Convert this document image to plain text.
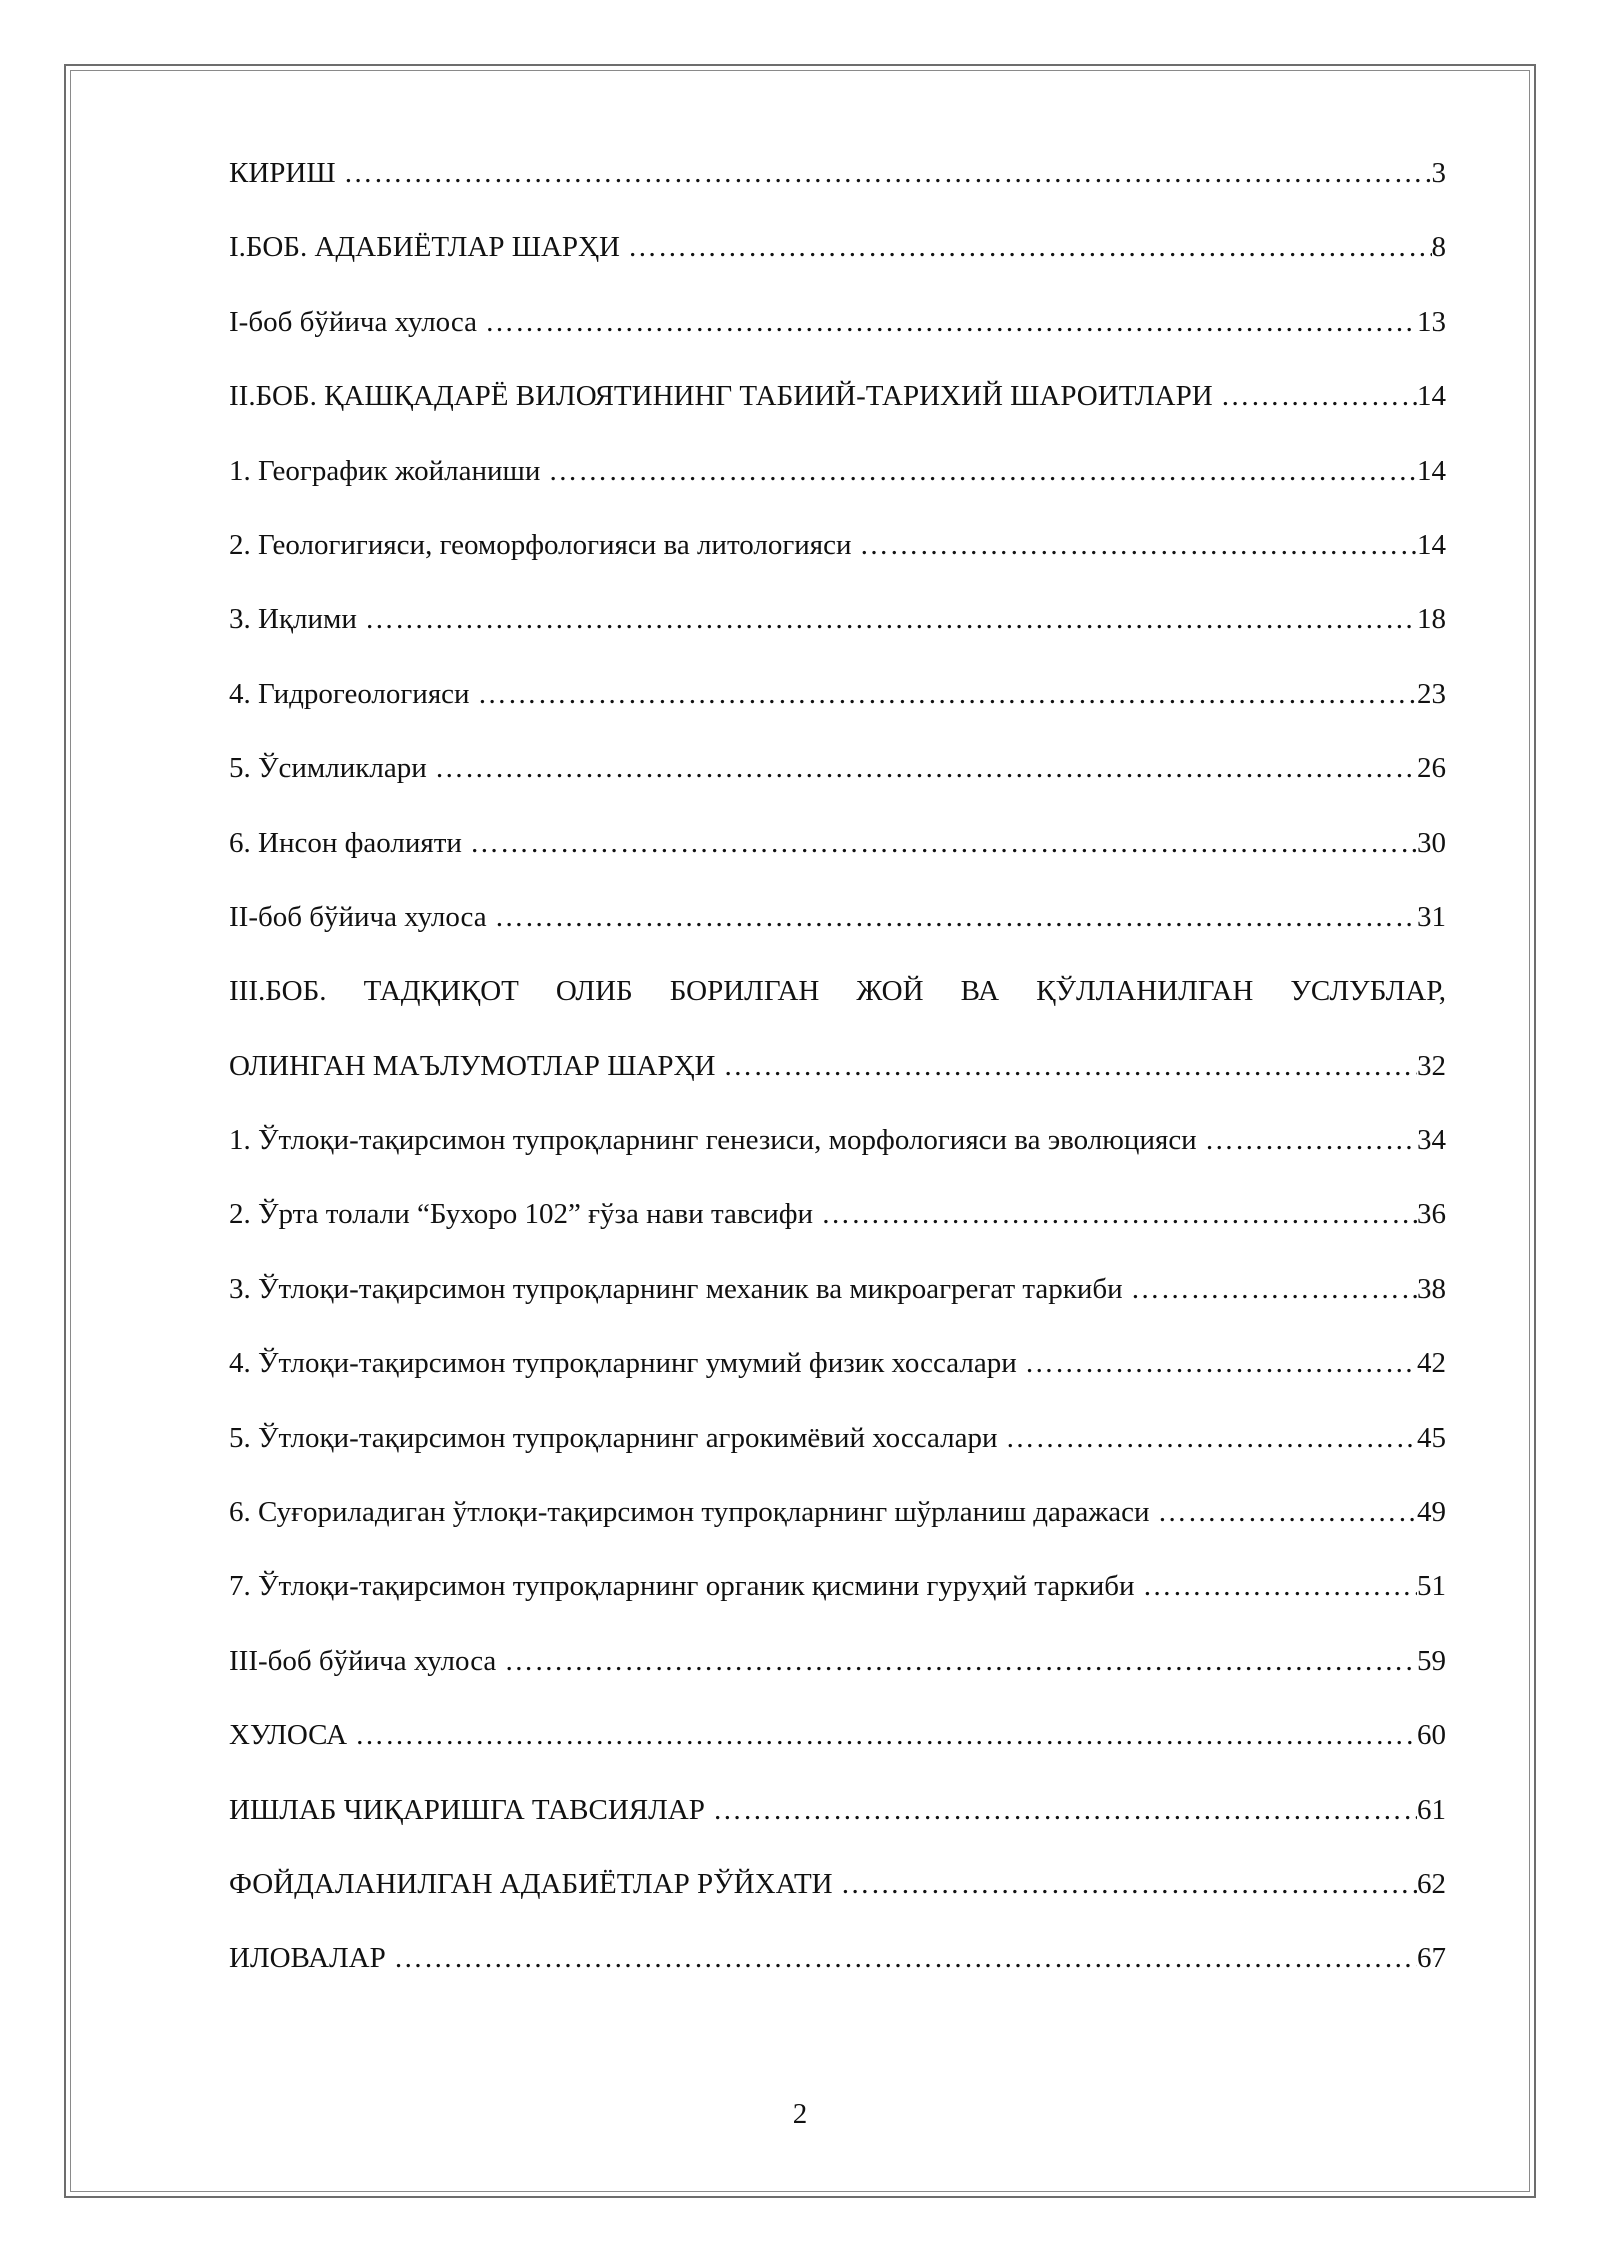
КИРИШ …………………………………………………………………………………………………………………………………………………………………………………………………………………………	3
I.БОБ. АДАБИЁТЛАР ШАРҲИ …………………………………………………………………………………………………………………………………………………………………………………………………………………………	8
I-боб бўйича хулоса …………………………………………………………………………………………………………………………………………………………………………………………………………………………	13
II.БОБ. ҚАШҚАДАРЁ ВИЛОЯТИНИНГ ТАБИИЙ-ТАРИХИЙ ШАРОИТЛАРИ …………………………………………………………………………………………………………………………………………………………………………………………………………………………	14
1. Географик жойланиши …………………………………………………………………………………………………………………………………………………………………………………………………………………………	14
2. Геологигияси, геоморфологияси ва литологияси …………………………………………………………………………………………………………………………………………………………………………………………………………………………	14
3. Иқлими …………………………………………………………………………………………………………………………………………………………………………………………………………………………	18
4. Гидрогеологияси …………………………………………………………………………………………………………………………………………………………………………………………………………………………	23
5. Ўсимликлари …………………………………………………………………………………………………………………………………………………………………………………………………………………………	26
6. Инсон фаолияти …………………………………………………………………………………………………………………………………………………………………………………………………………………………	30
II-боб бўйича хулоса …………………………………………………………………………………………………………………………………………………………………………………………………………………………	31
III.БОБ. ТАДҚИҚОТ ОЛИБ БОРИЛГАН ЖОЙ ВА ҚЎЛЛАНИЛГАН УСЛУБЛАР,
ОЛИНГАН МАЪЛУМОТЛАР ШАРҲИ …………………………………………………………………………………………………………………………………………………………………………………………………………………………	32
1. Ўтлоқи-тақирсимон тупроқларнинг генезиси, морфологияси ва эволюцияси …………………………………………………………………………………………………………………………………………………………………………………………………………………………	34
2. Ўрта толали “Бухоро 102” ғўза нави тавсифи …………………………………………………………………………………………………………………………………………………………………………………………………………………………	36
3. Ўтлоқи-тақирсимон тупроқларнинг механик ва микроагрегат таркиби …………………………………………………………………………………………………………………………………………………………………………………………………………………………	38
4. Ўтлоқи-тақирсимон тупроқларнинг умумий физик хоссалари …………………………………………………………………………………………………………………………………………………………………………………………………………………………	42
5. Ўтлоқи-тақирсимон тупроқларнинг агрокимёвий хоссалари …………………………………………………………………………………………………………………………………………………………………………………………………………………………	45
6. Суғориладиган ўтлоқи-тақирсимон тупроқларнинг шўрланиш даражаси …………………………………………………………………………………………………………………………………………………………………………………………………………………………	49
7. Ўтлоқи-тақирсимон тупроқларнинг органик қисмини гуруҳий таркиби …………………………………………………………………………………………………………………………………………………………………………………………………………………………	51
III-боб бўйича хулоса …………………………………………………………………………………………………………………………………………………………………………………………………………………………	59
ХУЛОСА …………………………………………………………………………………………………………………………………………………………………………………………………………………………	60
ИШЛАБ ЧИҚАРИШГА ТАВСИЯЛАР …………………………………………………………………………………………………………………………………………………………………………………………………………………………	61
ФОЙДАЛАНИЛГАН АДАБИЁТЛАР РЎЙХАТИ …………………………………………………………………………………………………………………………………………………………………………………………………………………………	62
ИЛОВАЛАР …………………………………………………………………………………………………………………………………………………………………………………………………………………………	67
2
